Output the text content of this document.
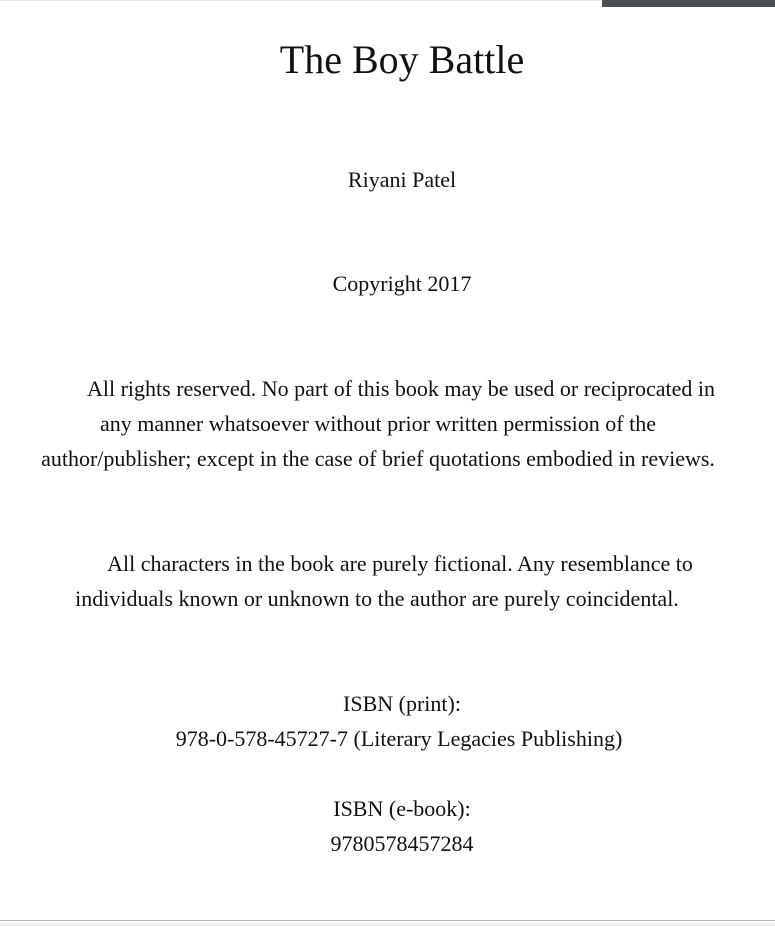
The Boy Battle
Riyani Patel
Copyright 2017

All rights reserved. No part of this book may be used or reciprocated in any manner whatsoever without prior written permission of the author/publisher; except in the case of brief quotations embodied in reviews.

All characters in the book are purely fictional. Any resemblance to individuals known or unknown to the author are purely coincidental.

ISBN (print):
978-0-578-45727-7 (Literary Legacies Publishing)
ISBN (e-book):
9780578457284
